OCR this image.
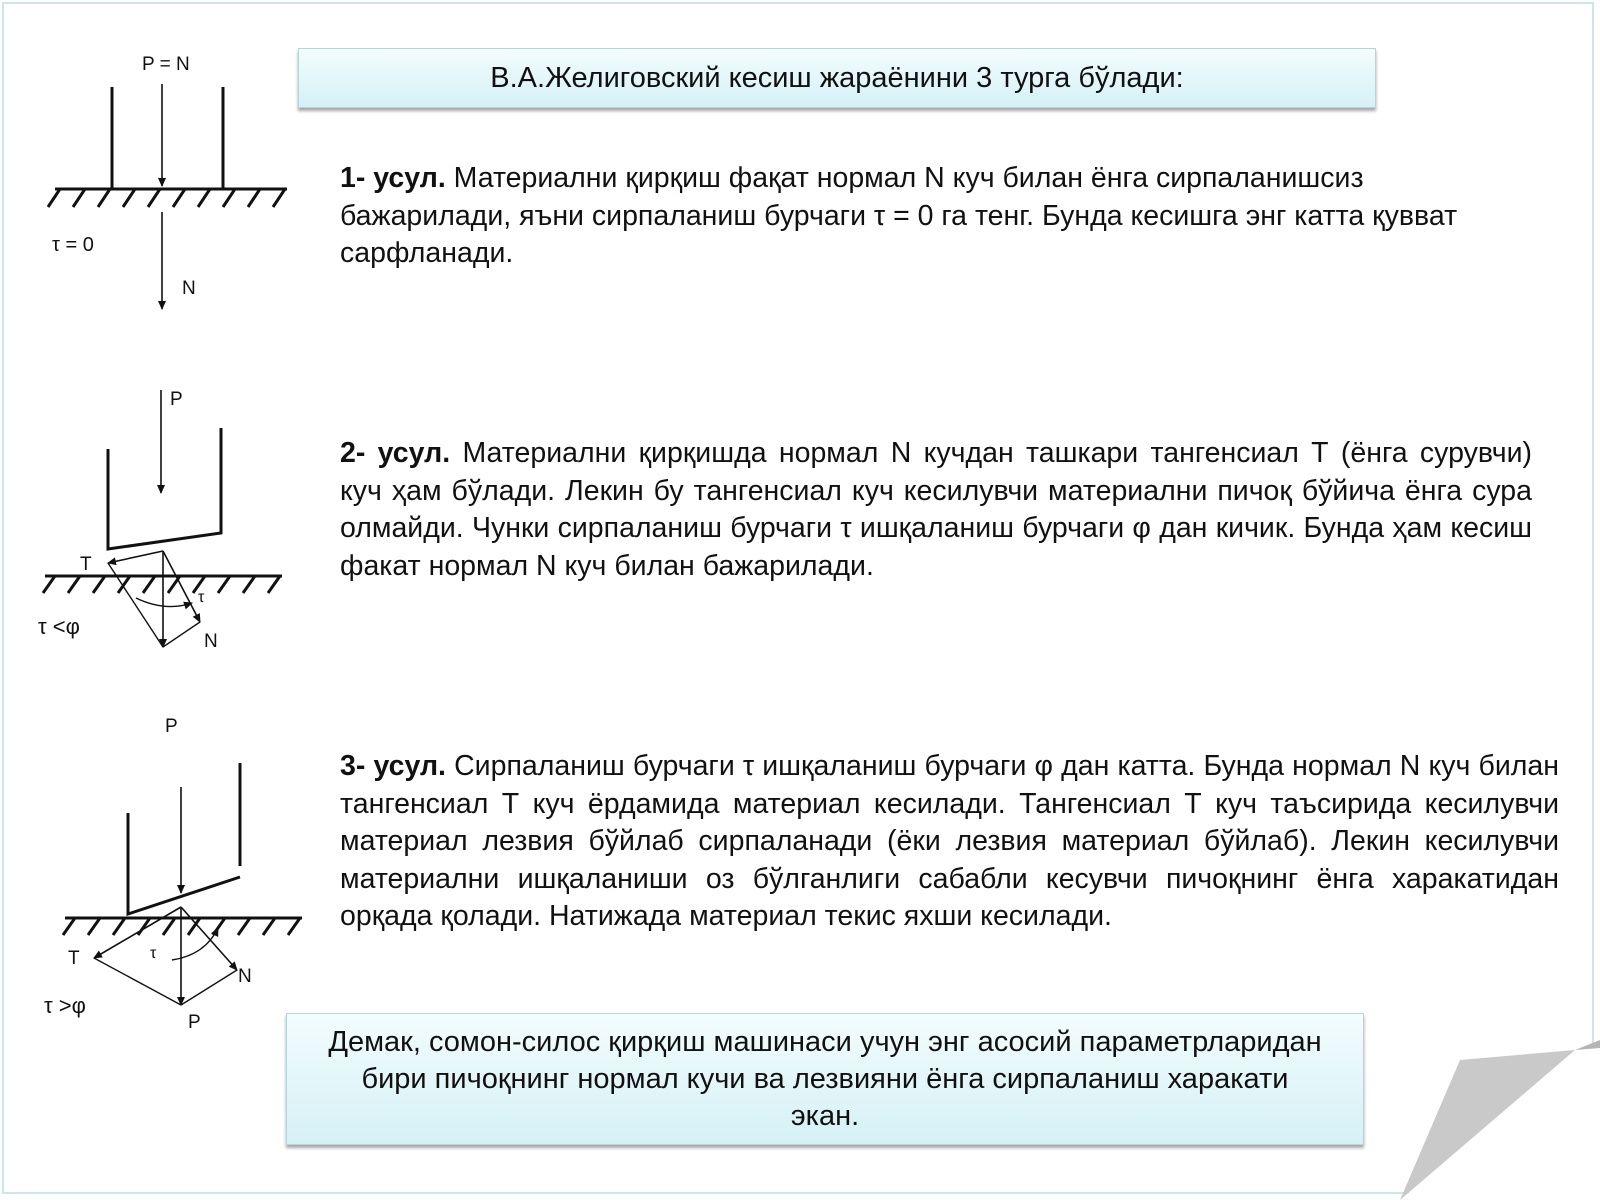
В.А.Желиговский кесиш жараёнини 3 турга бўлади:
1- усул. Материални қирқиш фақат нормал N куч билан ёнга сирпаланишсиз бажарилади, яъни сирпаланиш бурчаги τ = 0 га тенг. Бунда кесишга энг катта қувват сарфланади.
2- усул. Материални қирқишда нормал N кучдан ташкари тангенсиал Т (ёнга сурувчи) куч ҳам бўлади. Лекин бу тангенсиал куч кесилувчи материални пичоқ бўйича ёнга сура олмайди. Чунки сирпаланиш бурчаги τ ишқаланиш бурчаги φ дан кичик. Бунда ҳам кесиш факат нормал N куч билан бажарилади.
3- усул. Сирпаланиш бурчаги τ ишқаланиш бурчаги φ дан катта. Бунда нормал N куч билан тангенсиал Т куч ёрдамида материал кесилади. Тангенсиал Т куч таъсирида кесилувчи материал лезвия бўйлаб сирпаланади (ёки лезвия материал бўйлаб). Лекин кесилувчи материални ишқаланиши оз бўлганлиги сабабли кесувчи пичоқнинг ёнга харакатидан орқада қолади. Натижада материал текис яхши кесилади.
Демак, сомон-силос қирқиш машинаси учун энг асосий параметрларидан бири пичоқнинг нормал кучи ва лезвияни ёнга сирпаланиш харакати экан.
P = N
τ = 0
N
P
T
τ
N
τ <φ
P
T	τ
N
P
τ >φ
